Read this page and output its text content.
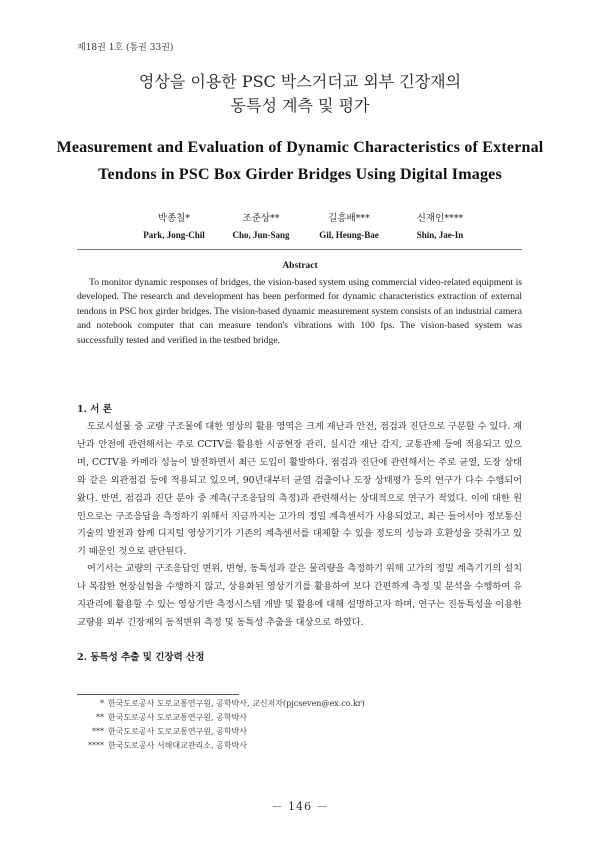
제18권 1호 (통권 33권)
영상을 이용한 PSC 박스거더교 외부 긴장재의
동특성 계측 및 평가
Measurement and Evaluation of Dynamic Characteristics of External
Tendons in PSC Box Girder Bridges Using Digital Images
박종칠*
Park, Jong-Chil
조준상**
Cho, Jun-Sang
길흥배***
Gil, Heung-Bae
신재인****
Shin, Jae-In
Abstract
To monitor dynamic responses of bridges, the vision-based system using commercial video-related equipment is developed. The research and development has been performed for dynamic characteristics extraction of external tendons in PSC box girder bridges. The vision-based dynamic measurement system consists of an industrial camera and notebook computer that can measure tendon's vibrations with 100 fps. The vision-based system was successfully tested and verified in the testbed bridge.
1. 서 론
도로시설물 중 교량 구조물에 대한 영상의 활용 영역은 크게 재난과 안전, 점검과 진단으로 구분할 수 있다. 재난과 안전에 관련해서는 주로 CCTV를 활용한 시공현장 관리, 실시간 재난 감지, 교통관제 등에 적용되고 있으며, CCTV용 카메라 성능이 발전하면서 최근 도입이 활발하다. 점검과 진단에 관련해서는 주로 균열, 도장 상태와 같은 외관점검 등에 적용되고 있으며, 90년대부터 균열 검출이나 도장 상태평가 등의 연구가 다수 수행되어왔다. 반면, 점검과 진단 분야 중 계측(구조응답의 측정)과 관련해서는 상대적으로 연구가 적었다. 이에 대한 원인으로는 구조응답을 측정하기 위해서 지금까지는 고가의 정밀 계측센서가 사용되었고, 최근 들어서야 정보통신기술의 발전과 함께 디지털 영상기기가 기존의 계측센서를 대체할 수 있을 정도의 성능과 호환성을 갖춰가고 있기 때문인 것으로 판단된다.
여기서는 교량의 구조응답인 변위, 변형, 동특성과 같은 물리량을 측정하기 위해 고가의 정밀 계측기기의 설치나 복잡한 현장실험을 수행하지 않고, 상용화된 영상기기를 활용하여 보다 간편하게 측정 및 분석을 수행하여 유지관리에 활용할 수 있는 영상기반 측정시스템 개발 및 활용에 대해 설명하고자 하며, 연구는 진동특성을 이용한 교량용 외부 긴장재의 동적변위 측정 및 동특성 추출을 대상으로 하였다.
2. 동특성 추출 및 긴장력 산정
* 한국도로공사 도로교통연구원, 공학박사, 교신저자(pjcseven@ex.co.kr)
** 한국도로공사 도로교통연구원, 공학박사
*** 한국도로공사 도로교통연구원, 공학박사
**** 한국도로공사 서해대교관리소, 공학박사
－ 146 －
